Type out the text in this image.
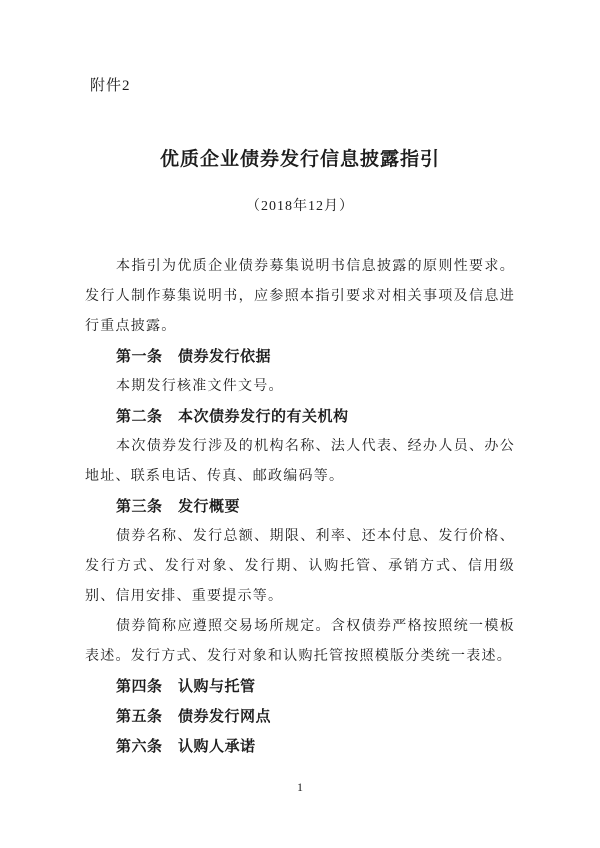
附件2
优质企业债券发行信息披露指引
（2018年12月）

本指引为优质企业债券募集说明书信息披露的原则性要求。发行人制作募集说明书，应参照本指引要求对相关事项及信息进行重点披露。

第一条　债券发行依据

本期发行核准文件文号。

第二条　本次债券发行的有关机构

本次债券发行涉及的机构名称、法人代表、经办人员、办公地址、联系电话、传真、邮政编码等。

第三条　发行概要

债券名称、发行总额、期限、利率、还本付息、发行价格、发行方式、发行对象、发行期、认购托管、承销方式、信用级别、信用安排、重要提示等。

债券简称应遵照交易场所规定。含权债券严格按照统一模板表述。发行方式、发行对象和认购托管按照模版分类统一表述。

第四条　认购与托管

第五条　债券发行网点

第六条　认购人承诺

1
